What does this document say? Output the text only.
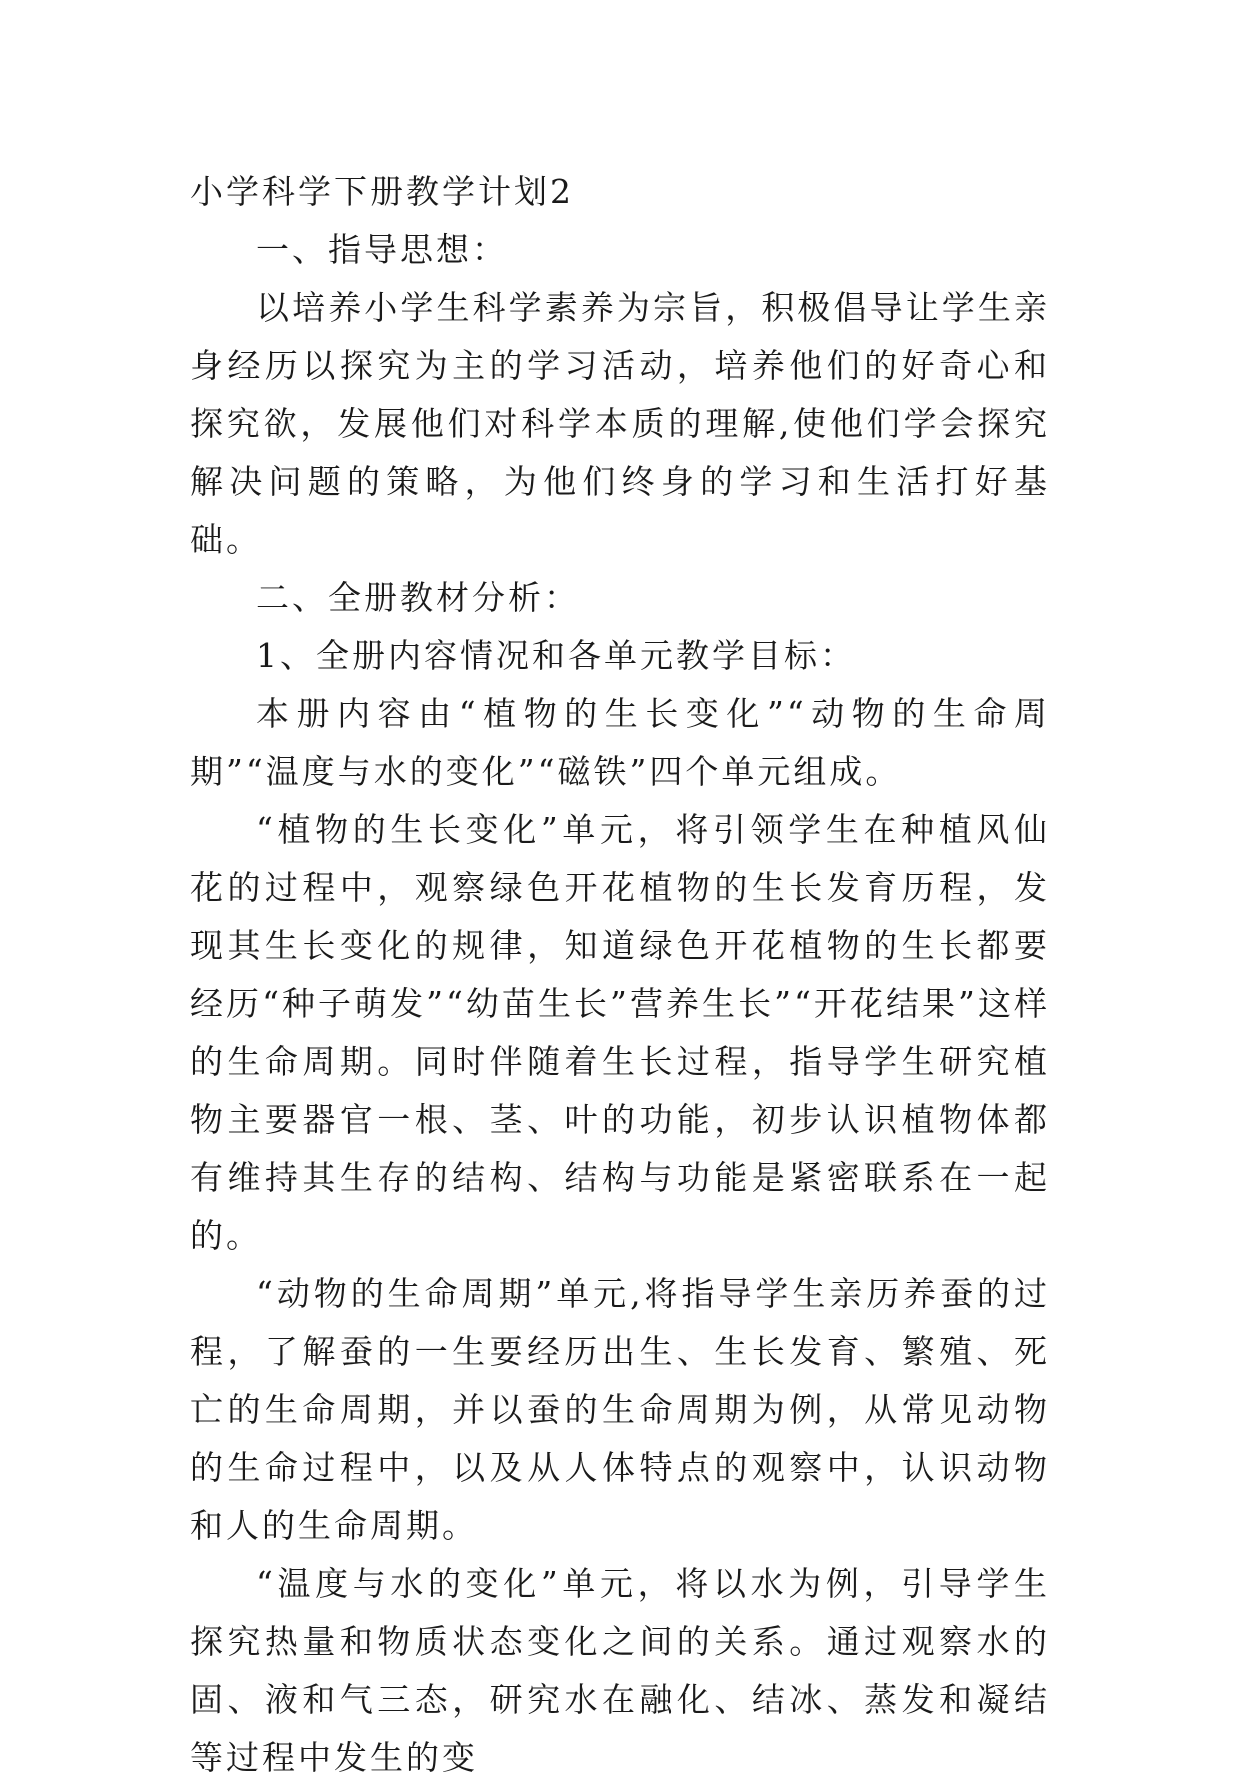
小学科学下册教学计划2

一、指导思想：

以培养小学生科学素养为宗旨，积极倡导让学生亲身经历以探究为主的学习活动，培养他们的好奇心和探究欲，发展他们对科学本质的理解,使他们学会探究解决问题的策略，为他们终身的学习和生活打好基础。

二、全册教材分析：

1、全册内容情况和各单元教学目标：

本册内容由“植物的生长变化”“动物的生命周期”“温度与水的变化”“磁铁”四个单元组成。

“植物的生长变化”单元，将引领学生在种植风仙花的过程中，观察绿色开花植物的生长发育历程，发现其生长变化的规律，知道绿色开花植物的生长都要经历“种子萌发”“幼苗生长”营养生长”“开花结果”这样的生命周期。同时伴随着生长过程，指导学生研究植物主要器官一根、茎、叶的功能，初步认识植物体都有维持其生存的结构、结构与功能是紧密联系在一起的。

“动物的生命周期”单元,将指导学生亲历养蚕的过程，了解蚕的一生要经历出生、生长发育、繁殖、死亡的生命周期，并以蚕的生命周期为例，从常见动物的生命过程中，以及从人体特点的观察中，认识动物和人的生命周期。

“温度与水的变化”单元，将以水为例，引导学生探究热量和物质状态变化之间的关系。通过观察水的固、液和气三态，研究水在融化、结冰、蒸发和凝结等过程中发生的变
